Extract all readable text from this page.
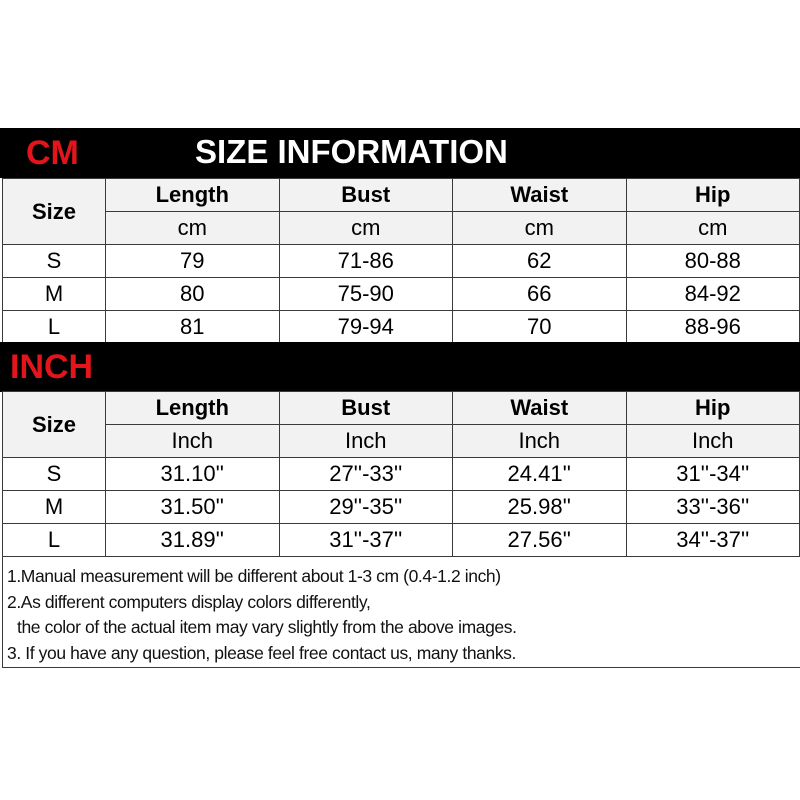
CM	SIZE INFORMATION
Size	Length	Bust	Waist	Hip
	cm	cm	cm	cm
S	79	71-86	62	80-88
M	80	75-90	66	84-92
L	81	79-94	70	88-96
INCH
Size	Length	Bust	Waist	Hip
	Inch	Inch	Inch	Inch
S	31.10''	27''-33''	24.41''	31''-34''
M	31.50''	29''-35''	25.98''	33''-36''
L	31.89''	31''-37''	27.56''	34''-37''
1.Manual measurement will be different about 1-3 cm (0.4-1.2 inch)
2.As different computers display colors differently,
the color of the actual item may vary slightly from the above images.
3. If you have any question, please feel free contact us, many thanks.
